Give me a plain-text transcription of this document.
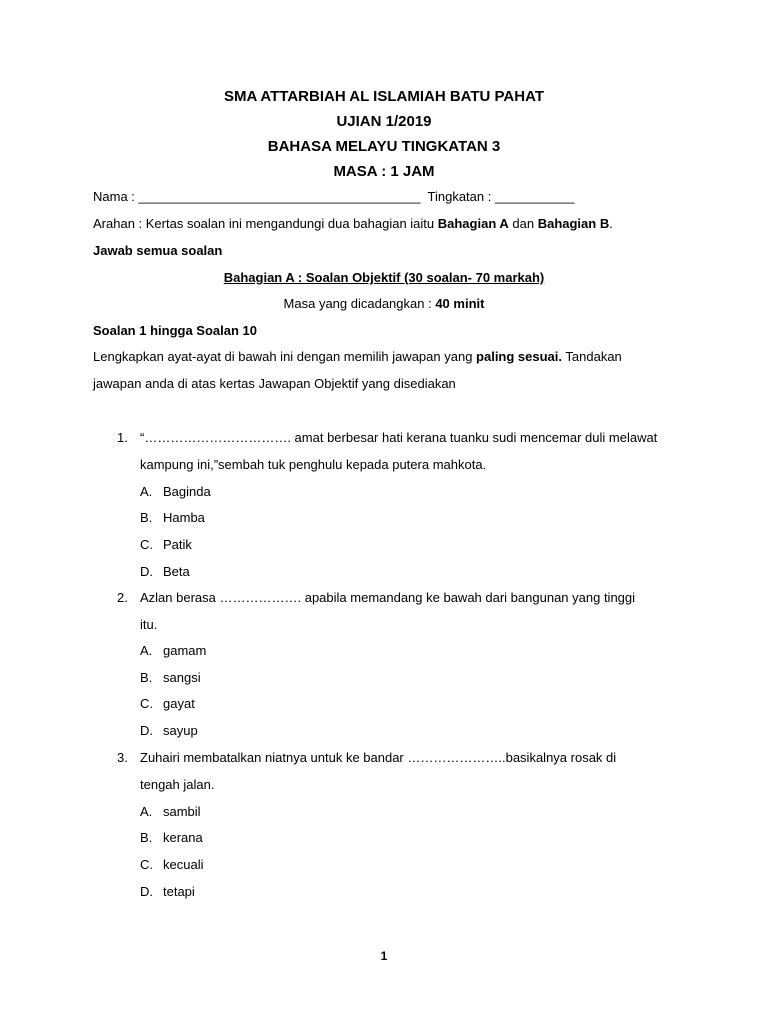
SMA ATTARBIAH AL ISLAMIAH BATU PAHAT
UJIAN 1/2019
BAHASA MELAYU TINGKATAN 3
MASA : 1 JAM
Nama : _______________________________________ Tingkatan : ___________
Arahan : Kertas soalan ini mengandungi dua bahagian iaitu Bahagian A dan Bahagian B.
Jawab semua soalan
Bahagian A : Soalan Objektif (30 soalan- 70 markah)
Masa yang dicadangkan : 40 minit
Soalan 1 hingga Soalan 10
Lengkapkan ayat-ayat di bawah ini dengan memilih jawapan yang paling sesuai. Tandakan
jawapan anda di atas kertas Jawapan Objektif yang disediakan
1. “……………………………. amat berbesar hati kerana tuanku sudi mencemar duli melawat
kampung ini,”sembah tuk penghulu kepada putera mahkota.
A. Baginda
B. Hamba
C. Patik
D. Beta
2. Azlan berasa ………………. apabila memandang ke bawah dari bangunan yang tinggi
itu.
A. gamam
B. sangsi
C. gayat
D. sayup
3. Zuhairi membatalkan niatnya untuk ke bandar …………………..basikalnya rosak di
tengah jalan.
A. sambil
B. kerana
C. kecuali
D. tetapi
1
